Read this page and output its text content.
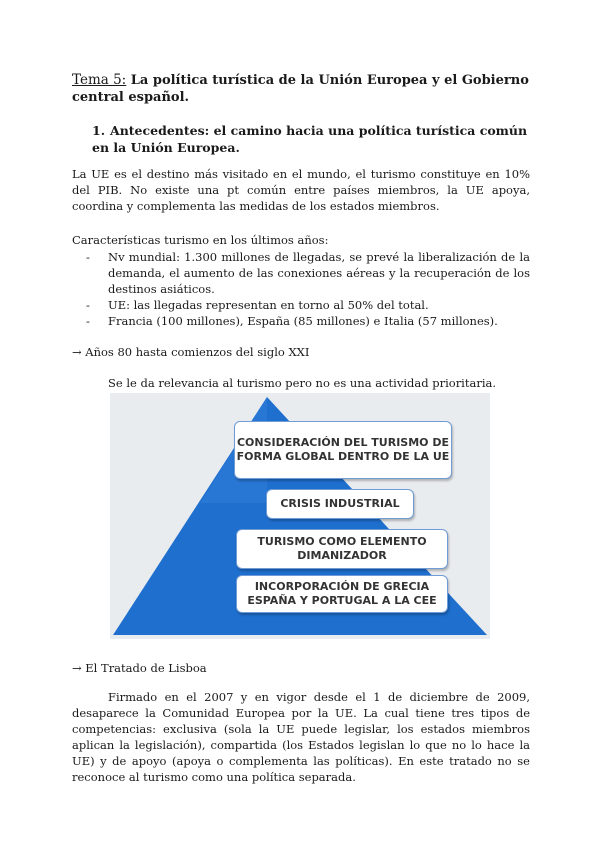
Tema 5: La política turística de la Unión Europea y el Gobierno central español.
1. Antecedentes: el camino hacia una política turística común en la Unión Europea.
La UE es el destino más visitado en el mundo, el turismo constituye en 10% del PIB. No existe una pt común entre países miembros, la UE apoya, coordina y complementa las medidas de los estados miembros.
Características turismo en los últimos años:
- Nv mundial: 1.300 millones de llegadas, se prevé la liberalización de la demanda, el aumento de las conexiones aéreas y la recuperación de los destinos asiáticos.
- UE: las llegadas representan en torno al 50% del total.
- Francia (100 millones), España (85 millones) e Italia (57 millones).
→ Años 80 hasta comienzos del siglo XXI
Se le da relevancia al turismo pero no es una actividad prioritaria.
CONSIDERACIÓN DEL TURISMO DE FORMA GLOBAL DENTRO DE LA UE
CRISIS INDUSTRIAL
TURISMO COMO ELEMENTO DIMANIZADOR
INCORPORACIÓN DE GRECIA ESPAÑA Y PORTUGAL A LA CEE
→ El Tratado de Lisboa
Firmado en el 2007 y en vigor desde el 1 de diciembre de 2009, desaparece la Comunidad Europea por la UE. La cual tiene tres tipos de competencias: exclusiva (sola la UE puede legislar, los estados miembros aplican la legislación), compartida (los Estados legislan lo que no lo hace la UE) y de apoyo (apoya o complementa las políticas). En este tratado no se reconoce al turismo como una política separada.
